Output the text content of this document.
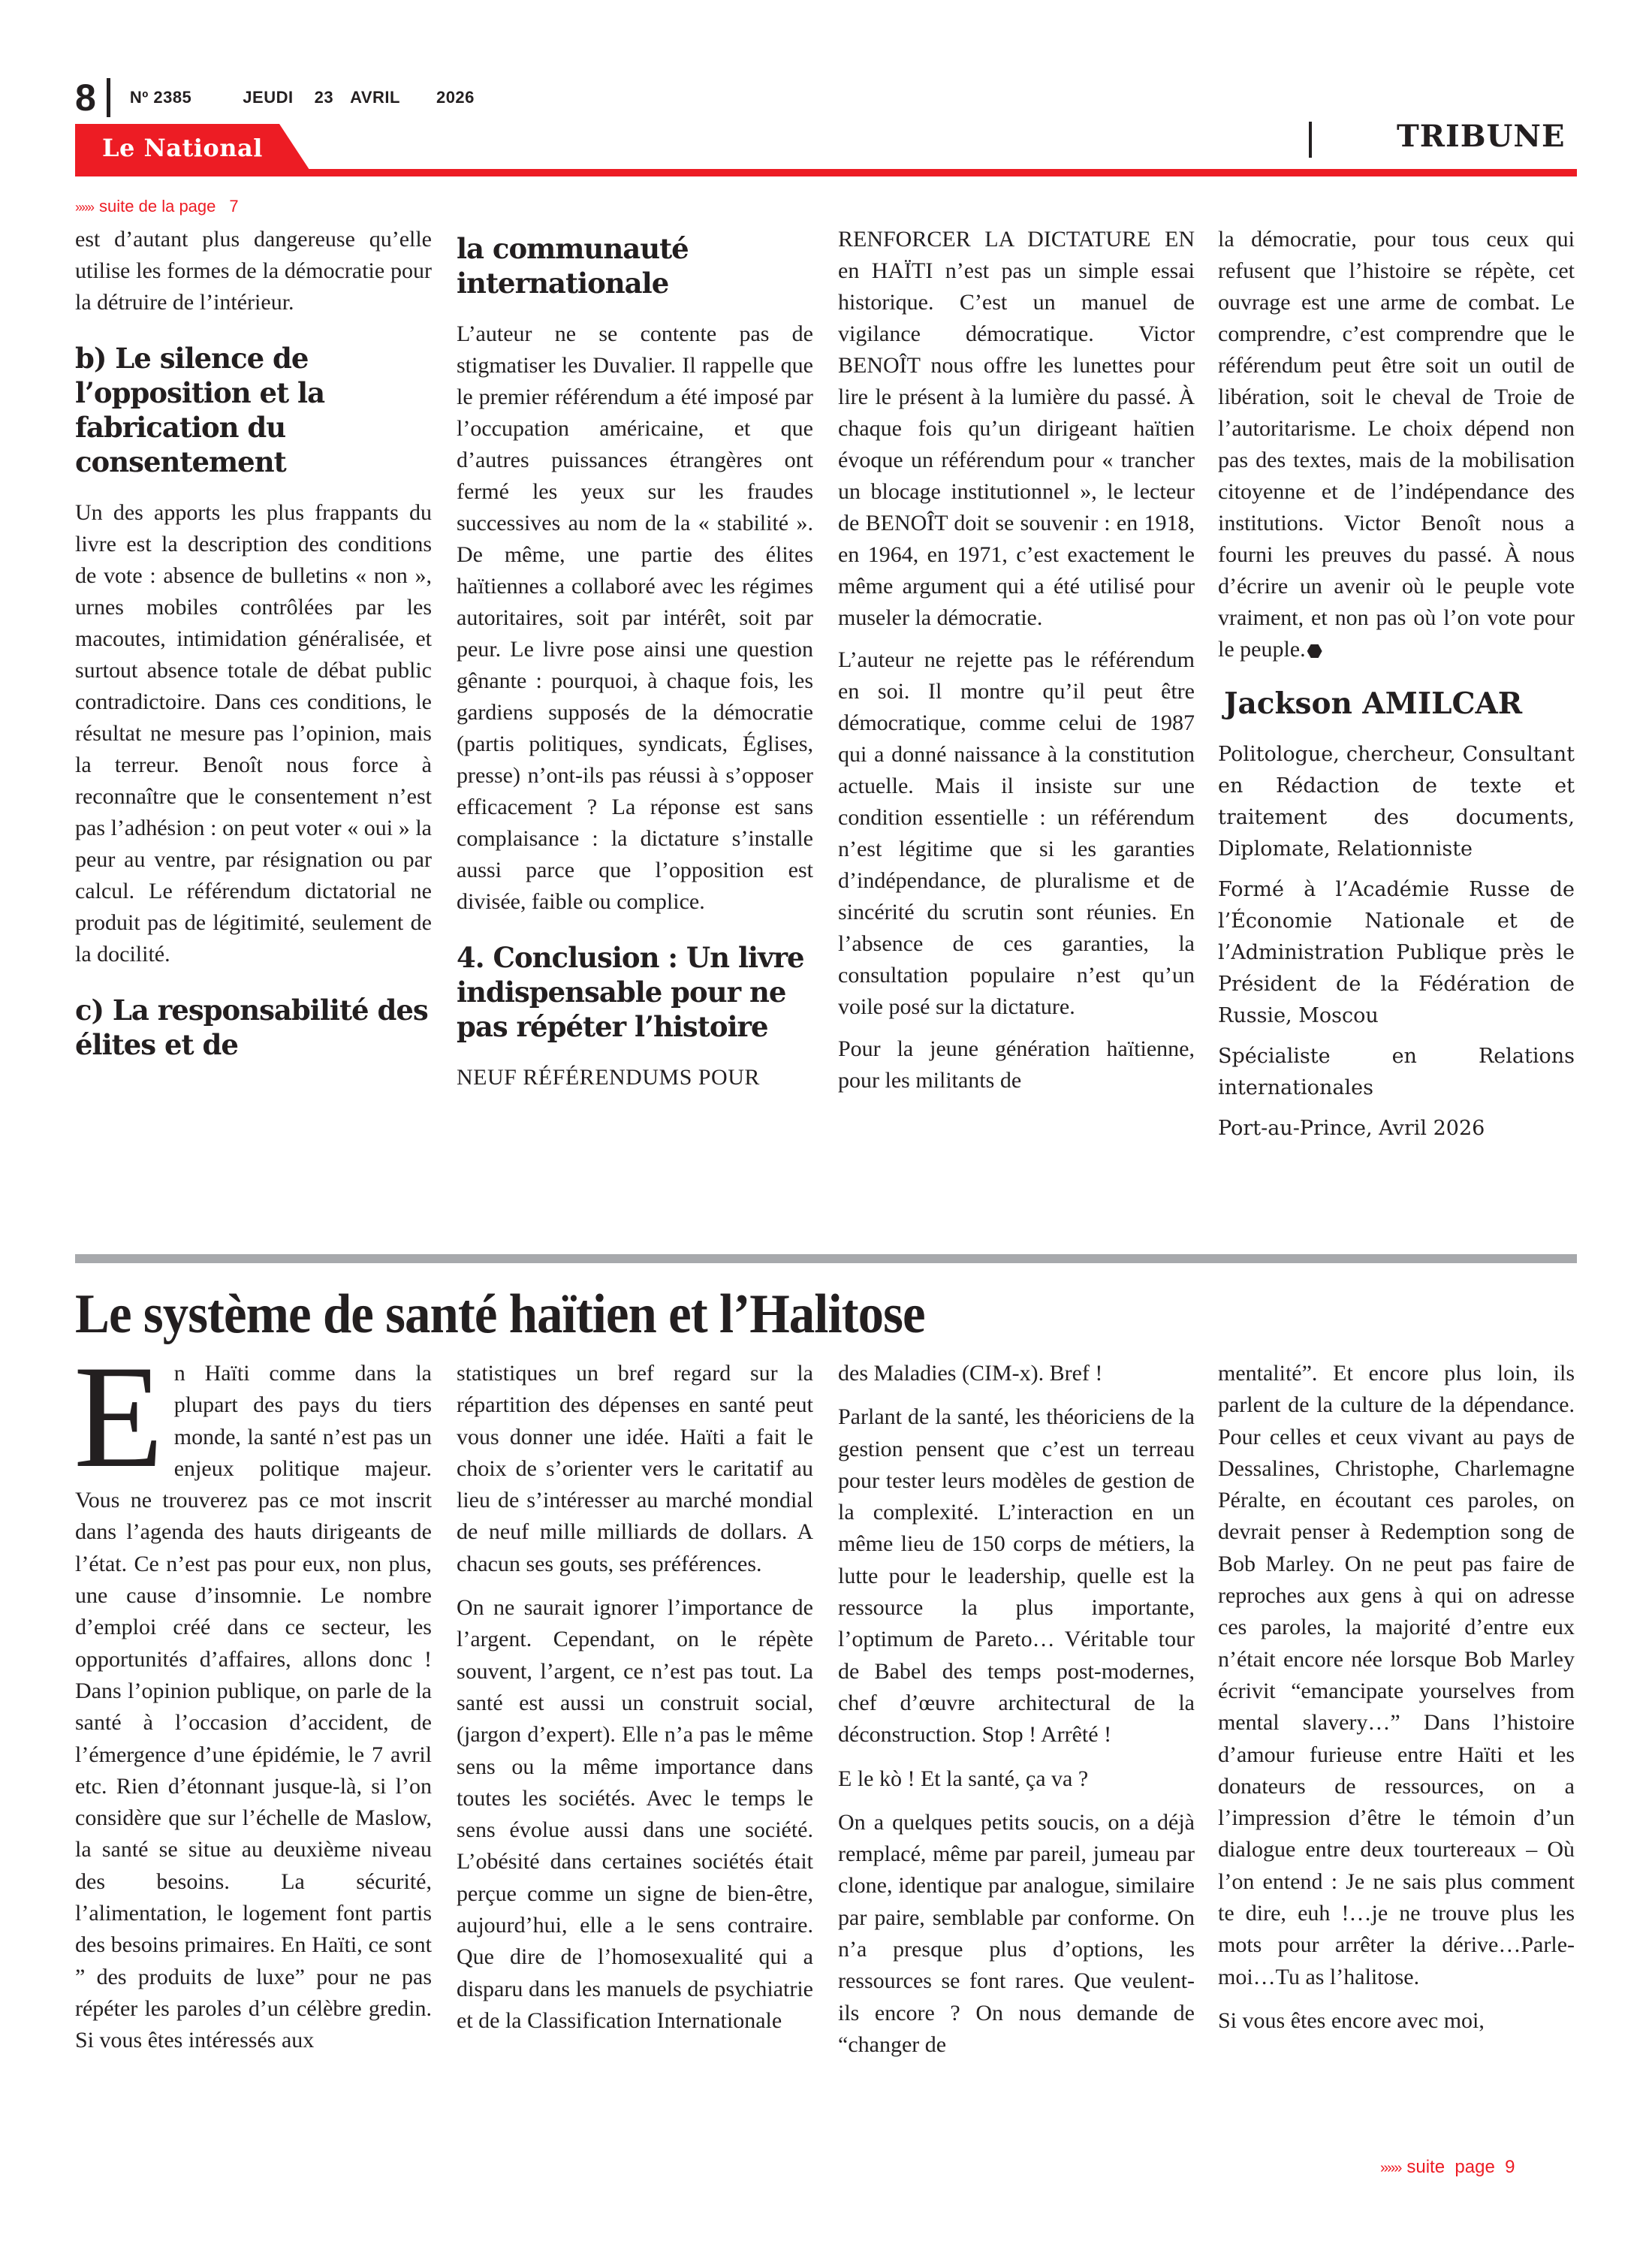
8 Nº 2385	JEUDI 23 AVRIL 2026
Le National	TRIBUNE
»»» suite de la page 7

est d’autant plus dangereuse qu’elle utilise les formes de la démocratie pour la détruire de l’intérieur.

b) Le silence de l’opposition et la fabrication du consentement

Un des apports les plus frappants du livre est la description des conditions de vote : absence de bulletins « non », urnes mobiles contrôlées par les macoutes, intimidation généralisée, et surtout absence totale de débat public contradictoire. Dans ces conditions, le résultat ne mesure pas l’opinion, mais la terreur. Benoît nous force à reconnaître que le consentement n’est pas l’adhésion : on peut voter « oui » la peur au ventre, par résignation ou par calcul. Le référendum dictatorial ne produit pas de légitimité, seulement de la docilité.

c) La responsabilité des élites et de
la communauté internationale

L’auteur ne se contente pas de stigmatiser les Duvalier. Il rappelle que le premier référendum a été imposé par l’occupation américaine, et que d’autres puissances étrangères ont fermé les yeux sur les fraudes successives au nom de la « stabilité ». De même, une partie des élites haïtiennes a collaboré avec les régimes autoritaires, soit par intérêt, soit par peur. Le livre pose ainsi une question gênante : pourquoi, à chaque fois, les gardiens supposés de la démocratie (partis politiques, syndicats, Églises, presse) n’ont-ils pas réussi à s’opposer efficacement ? La réponse est sans complaisance : la dictature s’installe aussi parce que l’opposition est divisée, faible ou complice.

4. Conclusion : Un livre indispensable pour ne pas répéter l’histoire

NEUF RÉFÉRENDUMS POUR

RENFORCER LA DICTATURE EN en HAÏTI n’est pas un simple essai historique. C’est un manuel de vigilance démocratique. Victor BENOÎT nous offre les lunettes pour lire le présent à la lumière du passé. À chaque fois qu’un dirigeant haïtien évoque un référendum pour « trancher un blocage institutionnel », le lecteur de BENOÎT doit se souvenir : en 1918, en 1964, en 1971, c’est exactement le même argument qui a été utilisé pour museler la démocratie.

L’auteur ne rejette pas le référendum en soi. Il montre qu’il peut être démocratique, comme celui de 1987 qui a donné naissance à la constitution actuelle. Mais il insiste sur une condition essentielle : un référendum n’est légitime que si les garanties d’indépendance, de pluralisme et de sincérité du scrutin sont réunies. En l’absence de ces garanties, la consultation populaire n’est qu’un voile posé sur la dictature.

Pour la jeune génération haïtienne, pour les militants de

la démocratie, pour tous ceux qui refusent que l’histoire se répète, cet ouvrage est une arme de combat. Le comprendre, c’est comprendre que le référendum peut être soit un outil de libération, soit le cheval de Troie de l’autoritarisme. Le choix dépend non pas des textes, mais de la mobilisation citoyenne et de l’indépendance des institutions. Victor Benoît nous a fourni les preuves du passé. À nous d’écrire un avenir où le peuple vote vraiment, et non pas où l’on vote pour le peuple.

Jackson AMILCAR

Politologue, chercheur, Consultant en Rédaction de texte et traitement des documents, Diplomate, Relationniste

Formé à l’Académie Russe de l’Économie Nationale et de l’Administration Publique près le Président de la Fédération de Russie, Moscou

Spécialiste en Relations internationales

Port-au-Prince, Avril 2026

Le système de santé haïtien et l’Halitose
E n Haïti comme dans la plupart des pays du tiers monde, la santé n’est pas un enjeux politique majeur. Vous ne trouverez pas ce mot inscrit dans l’agenda des hauts dirigeants de l’état. Ce n’est pas pour eux, non plus, une cause d’insomnie. Le nombre d’emploi créé dans ce secteur, les opportunités d’affaires, allons donc ! Dans l’opinion publique, on parle de la santé à l’occasion d’accident, de l’émergence d’une épidémie, le 7 avril etc. Rien d’étonnant jusque-là, si l’on considère que sur l’échelle de Maslow, la santé se situe au deuxième niveau des besoins. La sécurité, l’alimentation, le logement font partis des besoins primaires. En Haïti, ce sont ” des produits de luxe” pour ne pas répéter les paroles d’un célèbre gredin. Si vous êtes intéressés aux

statistiques un bref regard sur la répartition des dépenses en santé peut vous donner une idée. Haïti a fait le choix de s’orienter vers le caritatif au lieu de s’intéresser au marché mondial de neuf mille milliards de dollars. A chacun ses gouts, ses préférences.

On ne saurait ignorer l’importance de l’argent. Cependant, on le répète souvent, l’argent, ce n’est pas tout. La santé est aussi un construit social, (jargon d’expert). Elle n’a pas le même sens ou la même importance dans toutes les sociétés. Avec le temps le sens évolue aussi dans une société. L’obésité dans certaines sociétés était perçue comme un signe de bien-être, aujourd’hui, elle a le sens contraire. Que dire de l’homosexualité qui a disparu dans les manuels de psychiatrie et de la Classification Internationale

des Maladies (CIM-x). Bref !

Parlant de la santé, les théoriciens de la gestion pensent que c’est un terreau pour tester leurs modèles de gestion de la complexité. L’interaction en un même lieu de 150 corps de métiers, la lutte pour le leadership, quelle est la ressource la plus importante, l’optimum de Pareto… Véritable tour de Babel des temps post-modernes, chef d’œuvre architectural de la déconstruction. Stop ! Arrêté !

E le kò ! Et la santé, ça va ?

On a quelques petits soucis, on a déjà remplacé, même par pareil, jumeau par clone, identique par analogue, similaire par paire, semblable par conforme. On n’a presque plus d’options, les ressources se font rares. Que veulent-ils encore ? On nous demande de “changer de

mentalité”. Et encore plus loin, ils parlent de la culture de la dépendance. Pour celles et ceux vivant au pays de Dessalines, Christophe, Charlemagne Péralte, en écoutant ces paroles, on devrait penser à Redemption song de Bob Marley. On ne peut pas faire de reproches aux gens à qui on adresse ces paroles, la majorité d’entre eux n’était encore née lorsque Bob Marley écrivit “emancipate yourselves from mental slavery…” Dans l’histoire d’amour furieuse entre Haïti et les donateurs de ressources, on a l’impression d’être le témoin d’un dialogue entre deux tourtereaux – Où l’on entend : Je ne sais plus comment te dire, euh !…je ne trouve plus les mots pour arrêter la dérive…Parle-moi…Tu as l’halitose.

Si vous êtes encore avec moi,

»»» suite  page  9
